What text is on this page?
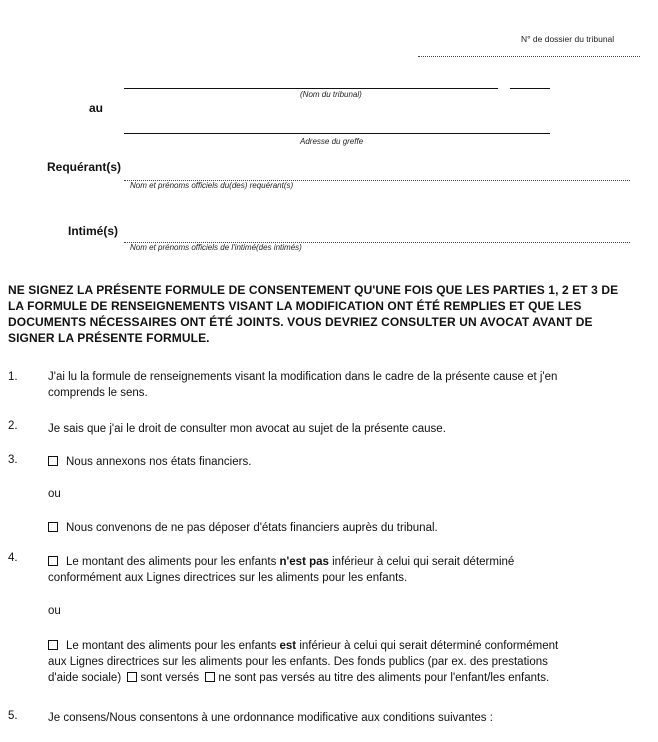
N° de dossier du tribunal
(Nom du tribunal)
au
Adresse du greffe
Requérant(s)
Nom et prénoms officiels du(des) requérant(s)
Intimé(s)
Nom et prénoms officiels de l'intimé(des intimés)
NE SIGNEZ LA PRÉSENTE FORMULE DE CONSENTEMENT QU'UNE FOIS QUE LES PARTIES 1, 2 ET 3 DE
LA FORMULE DE RENSEIGNEMENTS VISANT LA MODIFICATION ONT ÉTÉ REMPLIES ET QUE LES
DOCUMENTS NÉCESSAIRES ONT ÉTÉ JOINTS. VOUS DEVRIEZ CONSULTER UN AVOCAT AVANT DE
SIGNER LA PRÉSENTE FORMULE.
1.	J'ai lu la formule de renseignements visant la modification dans le cadre de la présente cause et j'en
comprends le sens.
2.	Je sais que j'ai le droit de consulter mon avocat au sujet de la présente cause.
3.	Nous annexons nos états financiers.
ou
Nous convenons de ne pas déposer d'états financiers auprès du tribunal.
4.	Le montant des aliments pour les enfants n'est pas inférieur à celui qui serait déterminé
conformément aux Lignes directrices sur les aliments pour les enfants.
ou
Le montant des aliments pour les enfants est inférieur à celui qui serait déterminé conformément
aux Lignes directrices sur les aliments pour les enfants. Des fonds publics (par ex. des prestations
d'aide sociale) sont versés ne sont pas versés au titre des aliments pour l'enfant/les enfants.
5.	Je consens/Nous consentons à une ordonnance modificative aux conditions suivantes :
